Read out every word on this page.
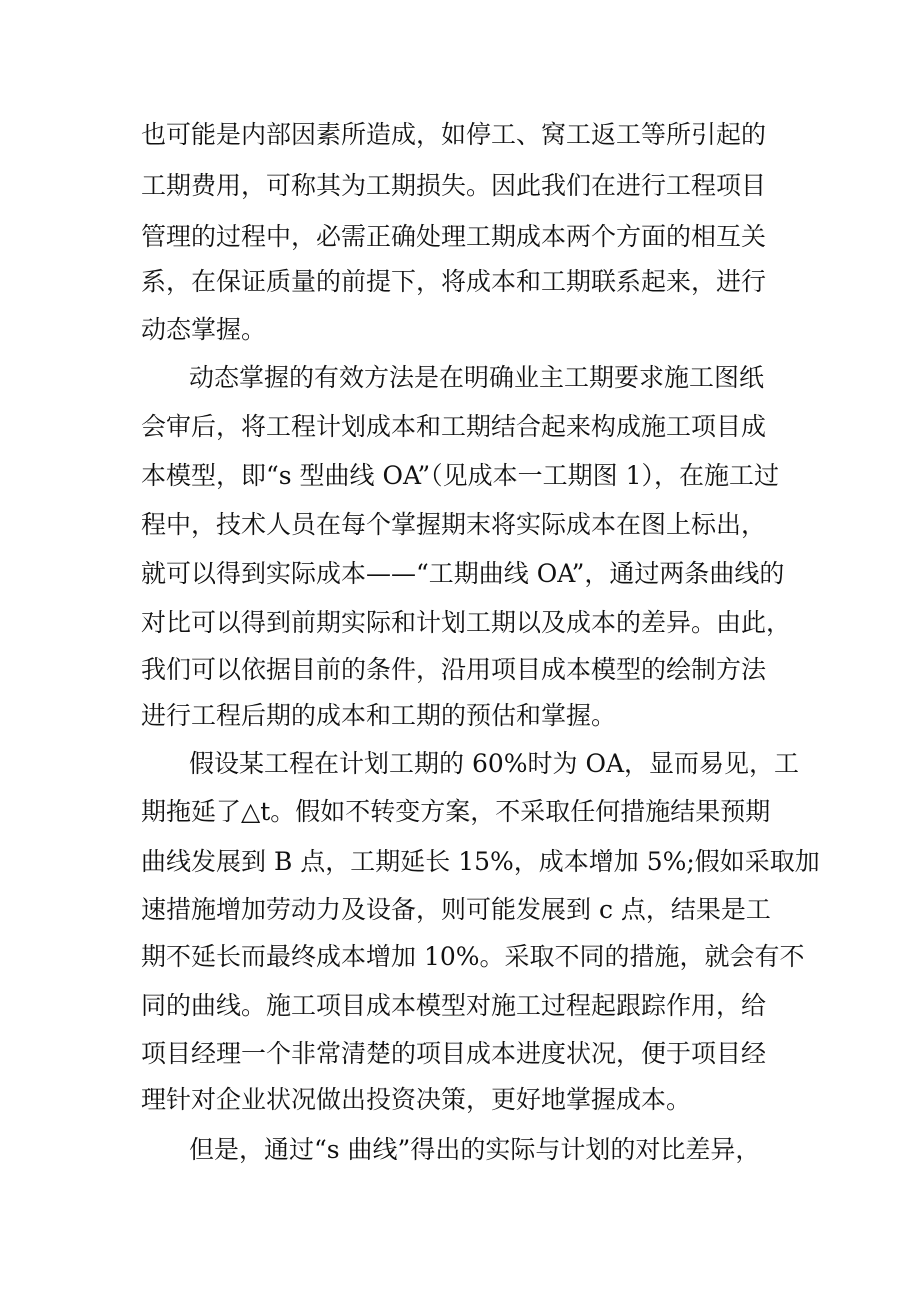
也可能是内部因素所造成，如停工、窝工返工等所引起的
工期费用，可称其为工期损失。因此我们在进行工程项目
管理的过程中，必需正确处理工期成本两个方面的相互关
系，在保证质量的前提下，将成本和工期联系起来，进行
动态掌握。
动态掌握的有效方法是在明确业主工期要求施工图纸
会审后，将工程计划成本和工期结合起来构成施工项目成
本模型，即“s 型曲线 OA”（见成本一工期图 1），在施工过
程中，技术人员在每个掌握期末将实际成本在图上标出，
就可以得到实际成本——“工期曲线 OA”，通过两条曲线的
对比可以得到前期实际和计划工期以及成本的差异。由此，
我们可以依据目前的条件，沿用项目成本模型的绘制方法
进行工程后期的成本和工期的预估和掌握。
假设某工程在计划工期的 60%时为 OA，显而易见，工
期拖延了△t。假如不转变方案，不采取任何措施结果预期
曲线发展到 B 点，工期延长 15%，成本增加 5%;假如采取加
速措施增加劳动力及设备，则可能发展到 c 点，结果是工
期不延长而最终成本增加 10%。采取不同的措施，就会有不
同的曲线。施工项目成本模型对施工过程起跟踪作用，给
项目经理一个非常清楚的项目成本进度状况，便于项目经
理针对企业状况做出投资决策，更好地掌握成本。
但是，通过“s 曲线”得出的实际与计划的对比差异，
